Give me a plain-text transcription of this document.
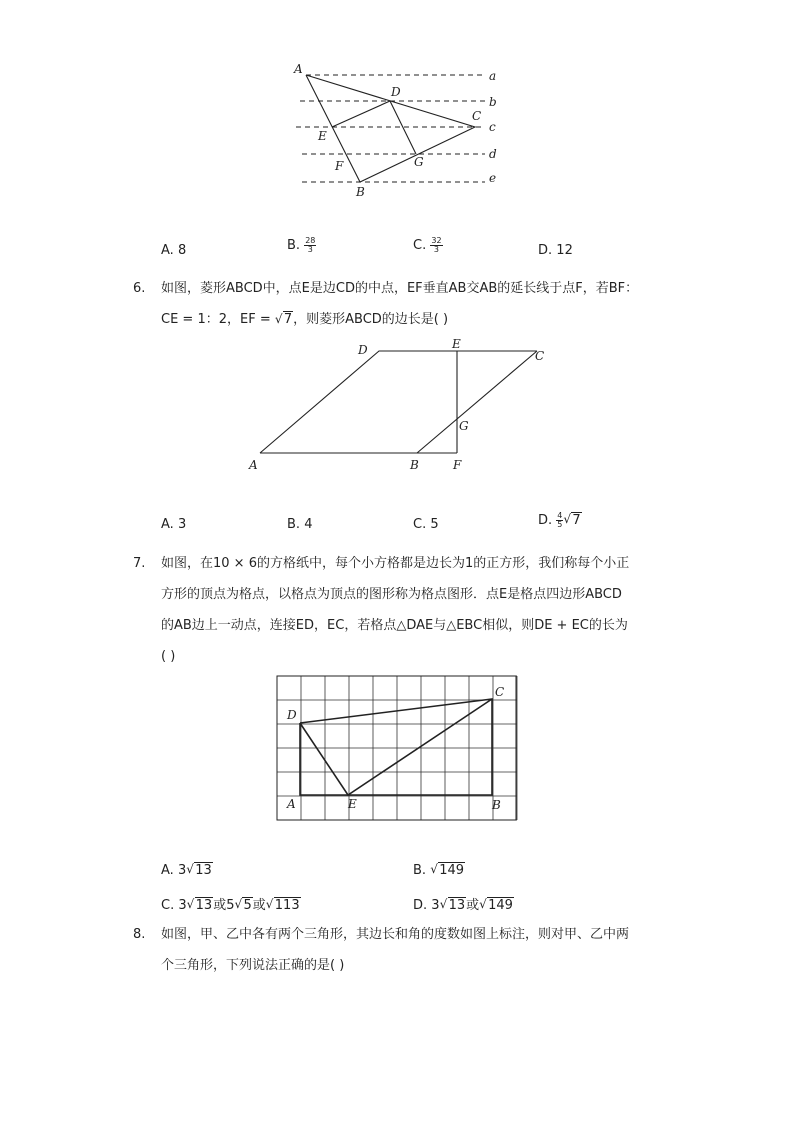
A
D
C
E
F	G
B
a
b
c
d
e
A. 8	B. $\frac{28}{3}$	C. $\frac{32}{3}$	D. 12
6. 如图，菱形ABCD中，点E是边CD的中点，EF垂直AB交AB的延长线于点F，若BF：
CE = 1：2，EF = √ 7，则菱形ABCD的边长是( )
A	B	F
G
D	E
C
A. 3	B. 4	C. 5	D. $\frac{4}{5}$ √ 7
7. 如图，在10 × 6的方格纸中，每个小方格都是边长为1的正方形，我们称每个小正
方形的顶点为格点，以格点为顶点的图形称为格点图形．点E是格点四边形ABCD
的AB边上一动点，连接ED，EC，若格点△DAE与△EBC相似，则DE + EC的长为
( )
D
C
A	E	B
A. 3 √ 13	B. √ 149
C. 3 √ 13或5 √ 5或 √ 113	D. 3 √ 13或 √ 149
8. 如图，甲、乙中各有两个三角形，其边长和角的度数如图上标注，则对甲、乙中两
个三角形，下列说法正确的是( )
